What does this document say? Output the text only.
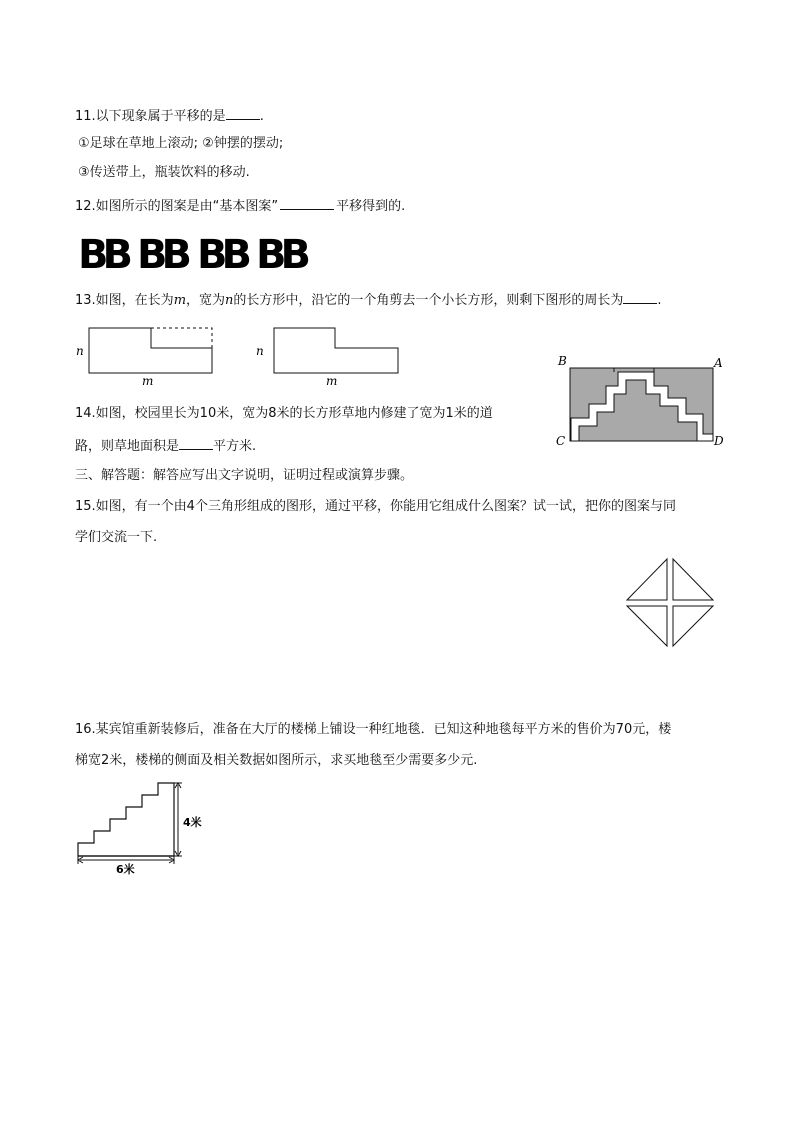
11.以下现象属于平移的是	.
①足球在草地上滚动; ②钟摆的摆动;
③传送带上，瓶装饮料的移动.
12.如图所示的图案是由“基本图案”	平移得到的.
BB BB BB BB
13.如图，在长为m，宽为n的长方形中，沿它的一个角剪去一个小长方形，则剩下图形的周长为	.
n
m
n
m
14.如图，校园里长为10米，宽为8米的长方形草地内修建了宽为1米的道
路，则草地面积是	平方米.
B	A
C	D
三、解答题：解答应写出文字说明，证明过程或演算步骤。
15.如图，有一个由4个三角形组成的图形，通过平移，你能用它组成什么图案？试一试，把你的图案与同
学们交流一下.
16.某宾馆重新装修后，准备在大厅的楼梯上铺设一种红地毯．已知这种地毯每平方米的售价为70元，楼
梯宽2米，楼梯的侧面及相关数据如图所示，求买地毯至少需要多少元.
4米
6米
